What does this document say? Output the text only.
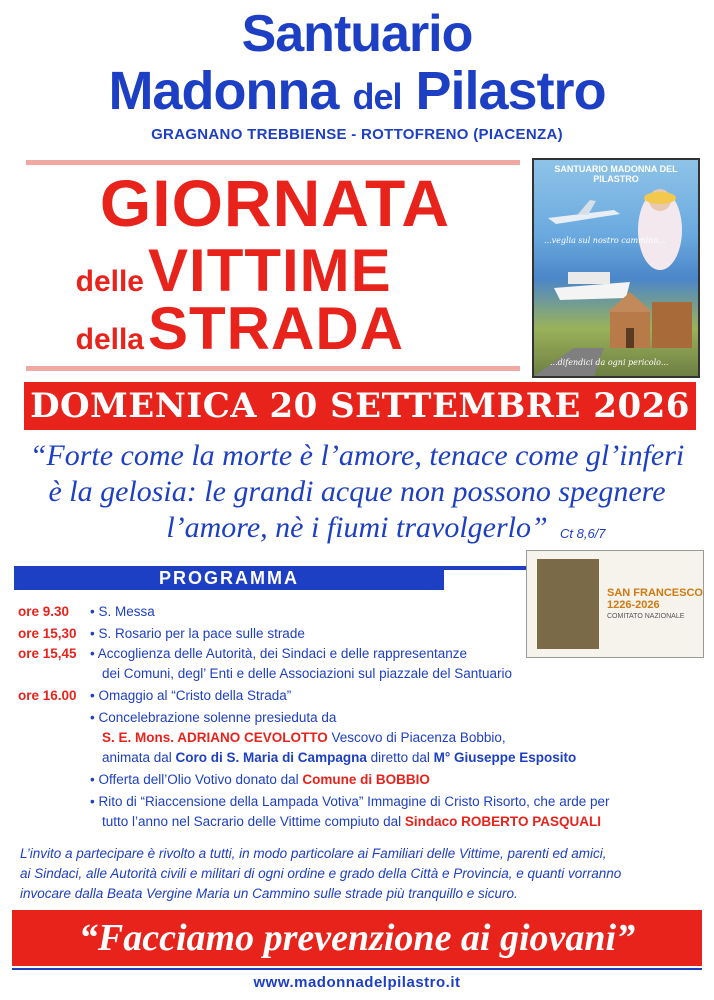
Santuario
Madonna del Pilastro
GRAGNANO TREBBIENSE - ROTTOFRENO (PIACENZA)
GIORNATA
delleVITTIME
dellaSTRADA
SANTUARIO MADONNA DEL PILASTRO
...veglia sul nostro cammino...
...difendici da ogni pericolo...
DOMENICA 20 SETTEMBRE 2026
“Forte come la morte è l’amore, tenace come gl’inferi
è la gelosia: le grandi acque non possono spegnere
l’amore, nè i fiumi travolgerlo” Ct 8,6/7
PROGRAMMA
SAN FRANCESCO
1226-2026
COMITATO NAZIONALE
ore 9.30 • S. Messa
ore 15,30 • S. Rosario per la pace sulle strade
ore 15,45 • Accoglienza delle Autorità, dei Sindaci e delle rappresentanze
dei Comuni, degl’ Enti e delle Associazioni sul piazzale del Santuario
ore 16.00 • Omaggio al “Cristo della Strada”
• Concelebrazione solenne presieduta da
S. E. Mons. ADRIANO CEVOLOTTO Vescovo di Piacenza Bobbio,
animata dal Coro di S. Maria di Campagna diretto dal M° Giuseppe Esposito
• Offerta dell’Olio Votivo donato dal Comune di BOBBIO
• Rito di “Riaccensione della Lampada Votiva” Immagine di Cristo Risorto, che arde per
tutto l’anno nel Sacrario delle Vittime compiuto dal Sindaco ROBERTO PASQUALI
L’invito a partecipare è rivolto a tutti, in modo particolare ai Familiari delle Vittime, parenti ed amici,
ai Sindaci, alle Autorità civili e militari di ogni ordine e grado della Città e Provincia, e quanti vorranno
invocare dalla Beata Vergine Maria un Cammino sulle strade più tranquillo e sicuro.
“Facciamo prevenzione ai giovani”
www.madonnadelpilastro.it
